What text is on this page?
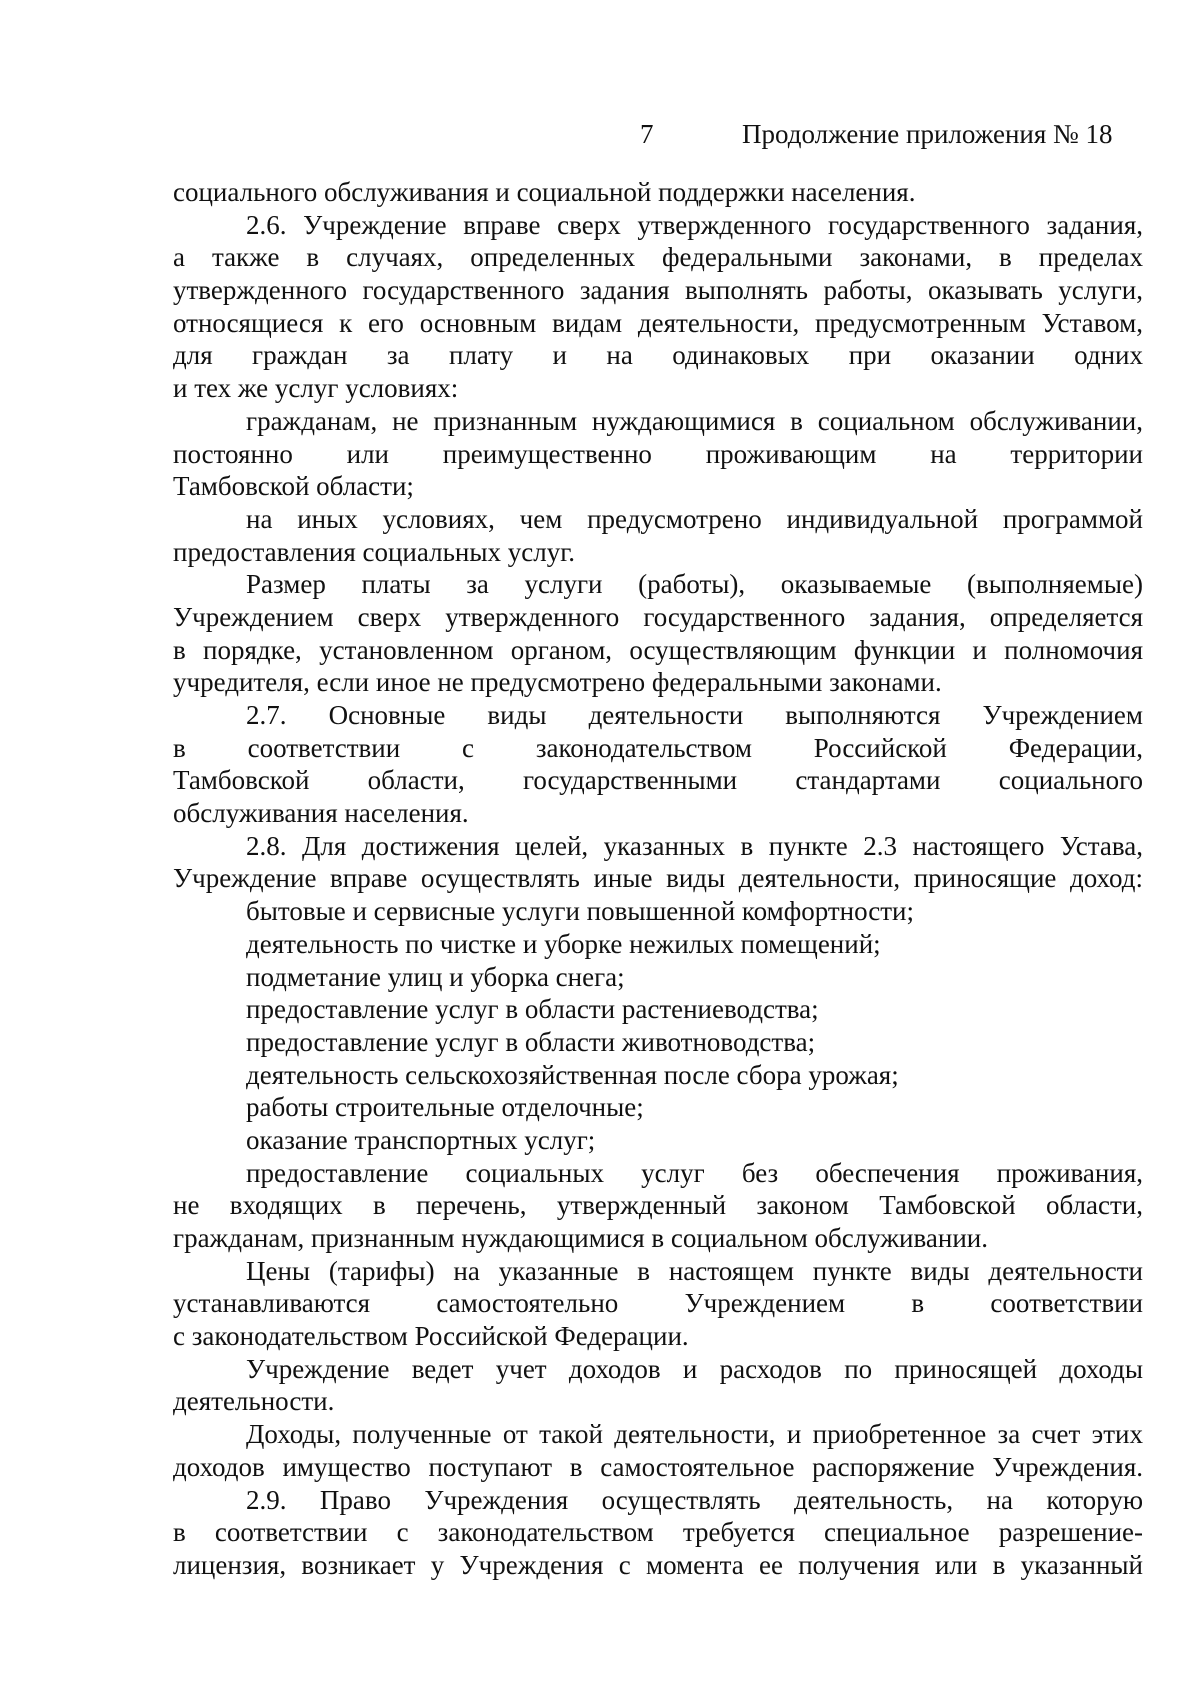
7	Продолжение приложения № 18
социального обслуживания и социальной поддержки населения.
2.6. Учреждение вправе сверх утвержденного государственного задания,
а также в случаях, определенных федеральными законами, в пределах
утвержденного государственного задания выполнять работы, оказывать услуги,
относящиеся к его основным видам деятельности, предусмотренным Уставом,
для граждан за плату и на одинаковых при оказании одних
и тех же услуг условиях:
гражданам, не признанным нуждающимися в социальном обслуживании,
постоянно или преимущественно проживающим на территории
Тамбовской области;
на иных условиях, чем предусмотрено индивидуальной программой
предоставления социальных услуг.
Размер платы за услуги (работы), оказываемые (выполняемые)
Учреждением сверх утвержденного государственного задания, определяется
в порядке, установленном органом, осуществляющим функции и полномочия
учредителя, если иное не предусмотрено федеральными законами.
2.7. Основные виды деятельности выполняются Учреждением
в соответствии с законодательством Российской Федерации,
Тамбовской области, государственными стандартами социального
обслуживания населения.
2.8. Для достижения целей, указанных в пункте 2.3 настоящего Устава,
Учреждение вправе осуществлять иные виды деятельности, приносящие доход:
бытовые и сервисные услуги повышенной комфортности;
деятельность по чистке и уборке нежилых помещений;
подметание улиц и уборка снега;
предоставление услуг в области растениеводства;
предоставление услуг в области животноводства;
деятельность сельскохозяйственная после сбора урожая;
работы строительные отделочные;
оказание транспортных услуг;
предоставление социальных услуг без обеспечения проживания,
не входящих в перечень, утвержденный законом Тамбовской области,
гражданам, признанным нуждающимися в социальном обслуживании.
Цены (тарифы) на указанные в настоящем пункте виды деятельности
устанавливаются самостоятельно Учреждением в соответствии
с законодательством Российской Федерации.
Учреждение ведет учет доходов и расходов по приносящей доходы
деятельности.
Доходы, полученные от такой деятельности, и приобретенное за счет этих
доходов имущество поступают в самостоятельное распоряжение Учреждения.
2.9. Право Учреждения осуществлять деятельность, на которую
в соответствии с законодательством требуется специальное разрешение-
лицензия, возникает у Учреждения с момента ее получения или в указанный
